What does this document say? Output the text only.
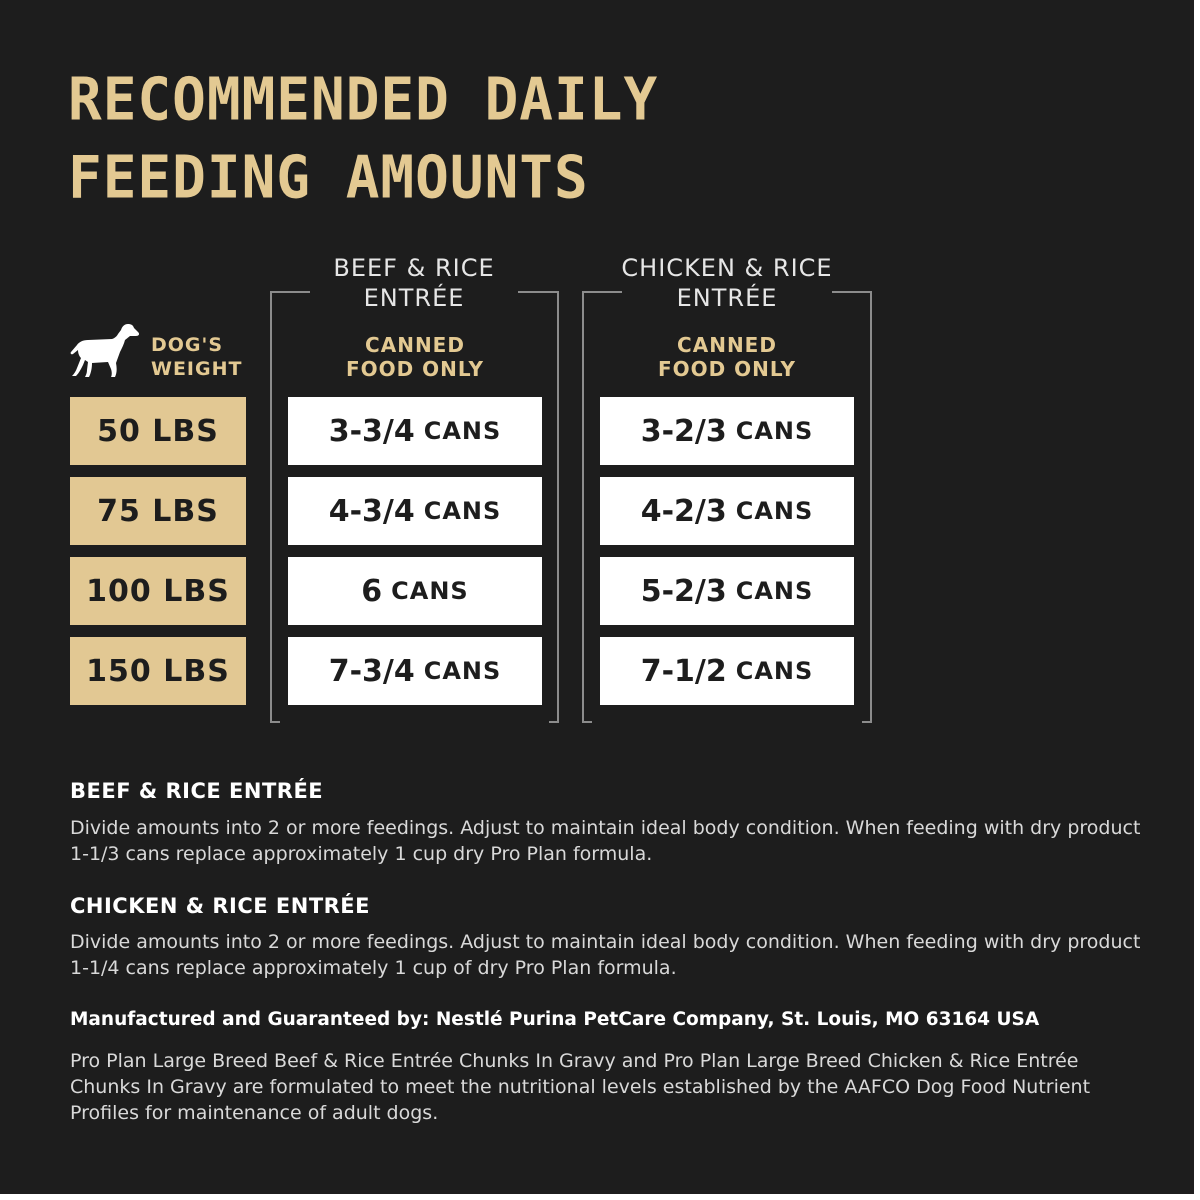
RECOMMENDED DAILY
FEEDING AMOUNTS
BEEF & RICE
ENTRÉE
CANNED
FOOD ONLY
CHICKEN & RICE
ENTRÉE
CANNED
FOOD ONLY
DOG'S
WEIGHT
50 LBS	3-3/4 CANS	3-2/3 CANS
75 LBS	4-3/4 CANS	4-2/3 CANS
100 LBS	6 CANS	5-2/3 CANS
150 LBS	7-3/4 CANS	7-1/2 CANS
BEEF & RICE ENTRÉE

Divide amounts into 2 or more feedings. Adjust to maintain ideal body condition. When feeding with dry product 1-1/3 cans replace approximately 1 cup dry Pro Plan formula.

CHICKEN & RICE ENTRÉE

Divide amounts into 2 or more feedings. Adjust to maintain ideal body condition. When feeding with dry product 1-1/4 cans replace approximately 1 cup of dry Pro Plan formula.

Manufactured and Guaranteed by: Nestlé Purina PetCare Company, St. Louis, MO 63164 USA

Pro Plan Large Breed Beef & Rice Entrée Chunks In Gravy and Pro Plan Large Breed Chicken & Rice Entrée Chunks In Gravy are formulated to meet the nutritional levels established by the AAFCO Dog Food Nutrient Profiles for maintenance of adult dogs.
